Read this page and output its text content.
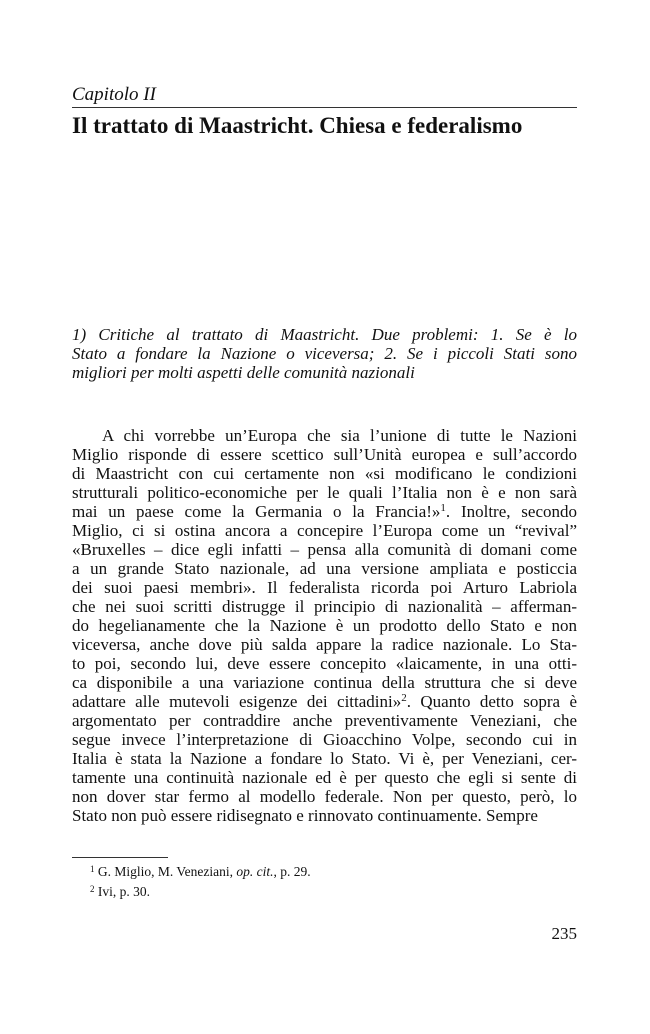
Capitolo II
Il trattato di Maastricht. Chiesa e federalismo
1) Critiche al trattato di Maastricht. Due problemi: 1. Se è lo
Stato a fondare la Nazione o viceversa; 2. Se i piccoli Stati sono
migliori per molti aspetti delle comunità nazionali
A chi vorrebbe un’Europa che sia l’unione di tutte le Nazioni
Miglio risponde di essere scettico sull’Unità europea e sull’accordo
di Maastricht con cui certamente non «si modificano le condizioni
strutturali politico-economiche per le quali l’Italia non è e non sarà
mai un paese come la Germania o la Francia!»$^1$. Inoltre, secondo
Miglio, ci si ostina ancora a concepire l’Europa come un “revival”
«Bruxelles – dice egli infatti – pensa alla comunità di domani come
a un grande Stato nazionale, ad una versione ampliata e posticcia
dei suoi paesi membri». Il federalista ricorda poi Arturo Labriola
che nei suoi scritti distrugge il principio di nazionalità – afferman-
do hegelianamente che la Nazione è un prodotto dello Stato e non
viceversa, anche dove più salda appare la radice nazionale. Lo Sta-
to poi, secondo lui, deve essere concepito «laicamente, in una otti-
ca disponibile a una variazione continua della struttura che si deve
adattare alle mutevoli esigenze dei cittadini»$^2$. Quanto detto sopra è
argomentato per contraddire anche preventivamente Veneziani, che
segue invece l’interpretazione di Gioacchino Volpe, secondo cui in
Italia è stata la Nazione a fondare lo Stato. Vi è, per Veneziani, cer-
tamente una continuità nazionale ed è per questo che egli si sente di
non dover star fermo al modello federale. Non per questo, però, lo
Stato non può essere ridisegnato e rinnovato continuamente. Sempre
$^1$ G. Miglio, M. Veneziani, op. cit., p. 29.
$^2$ Ivi, p. 30.
235
